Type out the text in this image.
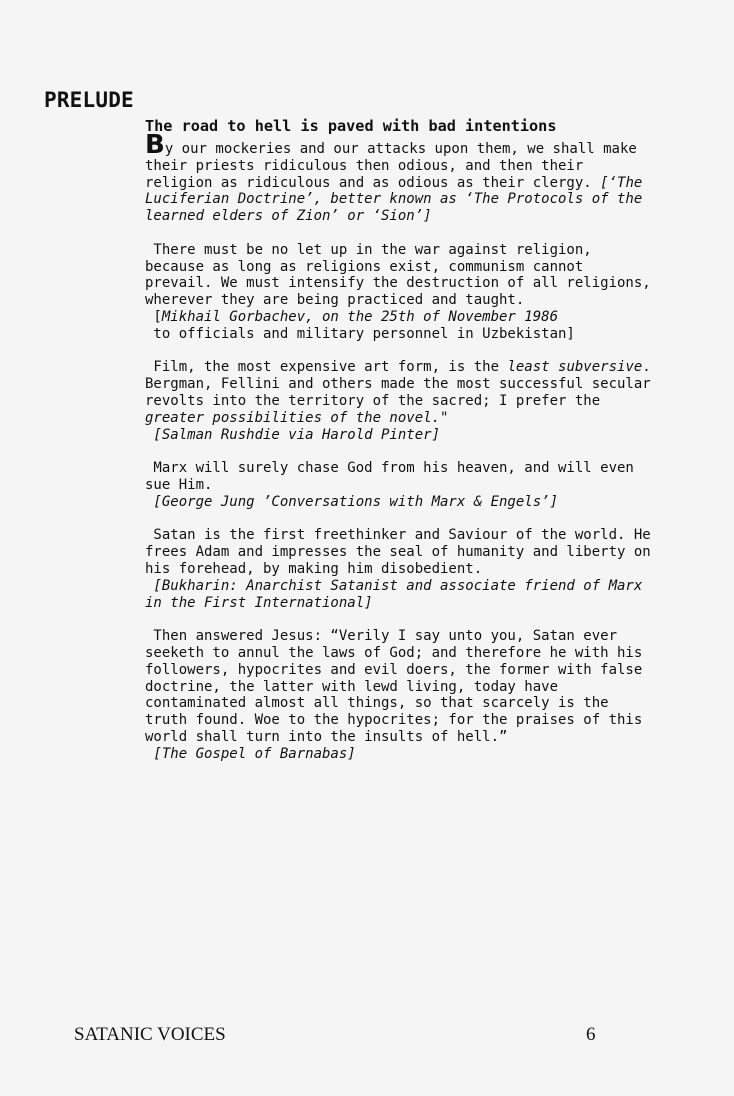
PRELUDE
The road to hell is paved with bad intentions
By our mockeries and our attacks upon them, we shall make
their priests ridiculous then odious, and then their
religion as ridiculous and as odious as their clergy. [‘The
Luciferian Doctrine’, better known as ‘The Protocols of the
learned elders of Zion’ or ‘Sion’]
There must be no let up in the war against religion,
because as long as religions exist, communism cannot
prevail. We must intensify the destruction of all religions,
wherever they are being practiced and taught.
[Mikhail Gorbachev, on the 25th of November 1986
to officials and military personnel in Uzbekistan]
Film, the most expensive art form, is the least subversive.
Bergman, Fellini and others made the most successful secular
revolts into the territory of the sacred; I prefer the
greater possibilities of the novel."
[Salman Rushdie via Harold Pinter]
Marx will surely chase God from his heaven, and will even
sue Him.
[George Jung ’Conversations with Marx & Engels’]
Satan is the first freethinker and Saviour of the world. He
frees Adam and impresses the seal of humanity and liberty on
his forehead, by making him disobedient.
[Bukharin: Anarchist Satanist and associate friend of Marx
in the First International]
Then answered Jesus: “Verily I say unto you, Satan ever
seeketh to annul the laws of God; and therefore he with his
followers, hypocrites and evil doers, the former with false
doctrine, the latter with lewd living, today have
contaminated almost all things, so that scarcely is the
truth found. Woe to the hypocrites; for the praises of this
world shall turn into the insults of hell.”
[The Gospel of Barnabas]
SATANIC VOICES	6
